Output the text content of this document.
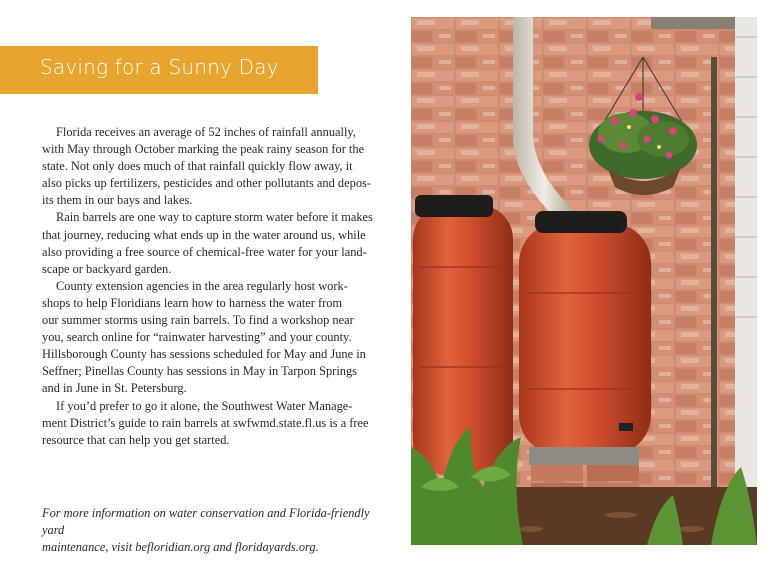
Saving for a Sunny Day

Florida receives an average of 52 inches of rainfall annually,
with May through October marking the peak rainy season for the
state. Not only does much of that rainfall quickly flow away, it
also picks up fertilizers, pesticides and other pollutants and depos-
its them in our bays and lakes.

Rain barrels are one way to capture storm water before it makes
that journey, reducing what ends up in the water around us, while
also providing a free source of chemical-free water for your land-
scape or backyard garden.

County extension agencies in the area regularly host work-
shops to help Floridians learn how to harness the water from
our summer storms using rain barrels. To find a workshop near
you, search online for “rainwater harvesting” and your county.
Hillsborough County has sessions scheduled for May and June in
Seffner; Pinellas County has sessions in May in Tarpon Springs
and in June in St. Petersburg.

If you’d prefer to go it alone, the Southwest Water Manage-
ment District’s guide to rain barrels at swfwmd.state.fl.us is a free
resource that can help you get started.

For more information on water conservation and Florida-friendly yard
maintenance, visit befloridian.org and floridayards.org.
